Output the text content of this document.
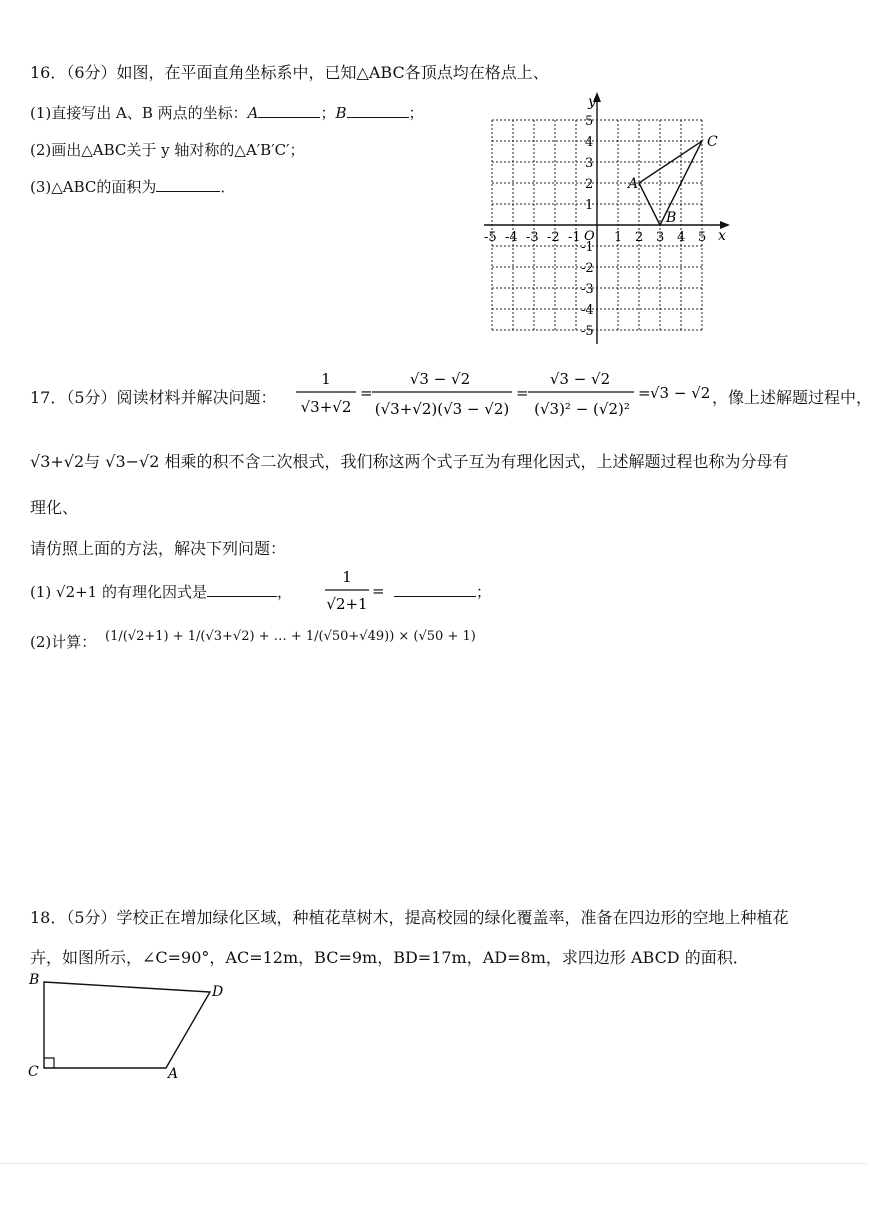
16．（6分）如图，在平面直角坐标系中，已知△ABC各顶点均在格点上、
(1)直接写出 A、B 两点的坐标：A	；B	；
(2)画出△ABC关于 y 轴对称的△A′B′C′；
(3)△ABC的面积为	．
x
y
O
-5 -4 -3 -2 -1	1 2 3 4 5
5
4
3
2
1
-1
-2
-3
-4
-5
A
B
C
17．（5分）阅读材料并解决问题：
1
√3+√2
=
√3 − √2
(√3+√2)(√3 − √2)
=
√3 − √2
(√3)² − (√2)²
= √3 − √2 ，像上述解题过程中，
√3+√2与 √3−√2 相乘的积不含二次根式，我们称这两个式子互为有理化因式，上述解题过程也称为分母有
理化、
请仿照上面的方法，解决下列问题：
(1) √2+1 的有理化因式是	，
1
√2+1
=	；
(2)计算： (1/(√2+1) + 1/(√3+√2) + … + 1/(√50+√49)) × (√50 + 1)
18．（5分）学校正在增加绿化区域，种植花草树木，提高校园的绿化覆盖率，准备在四边形的空地上种植花
卉，如图所示，∠C=90°，AC=12m，BC=9m，BD=17m，AD=8m，求四边形 ABCD 的面积．
B
D
C	A
